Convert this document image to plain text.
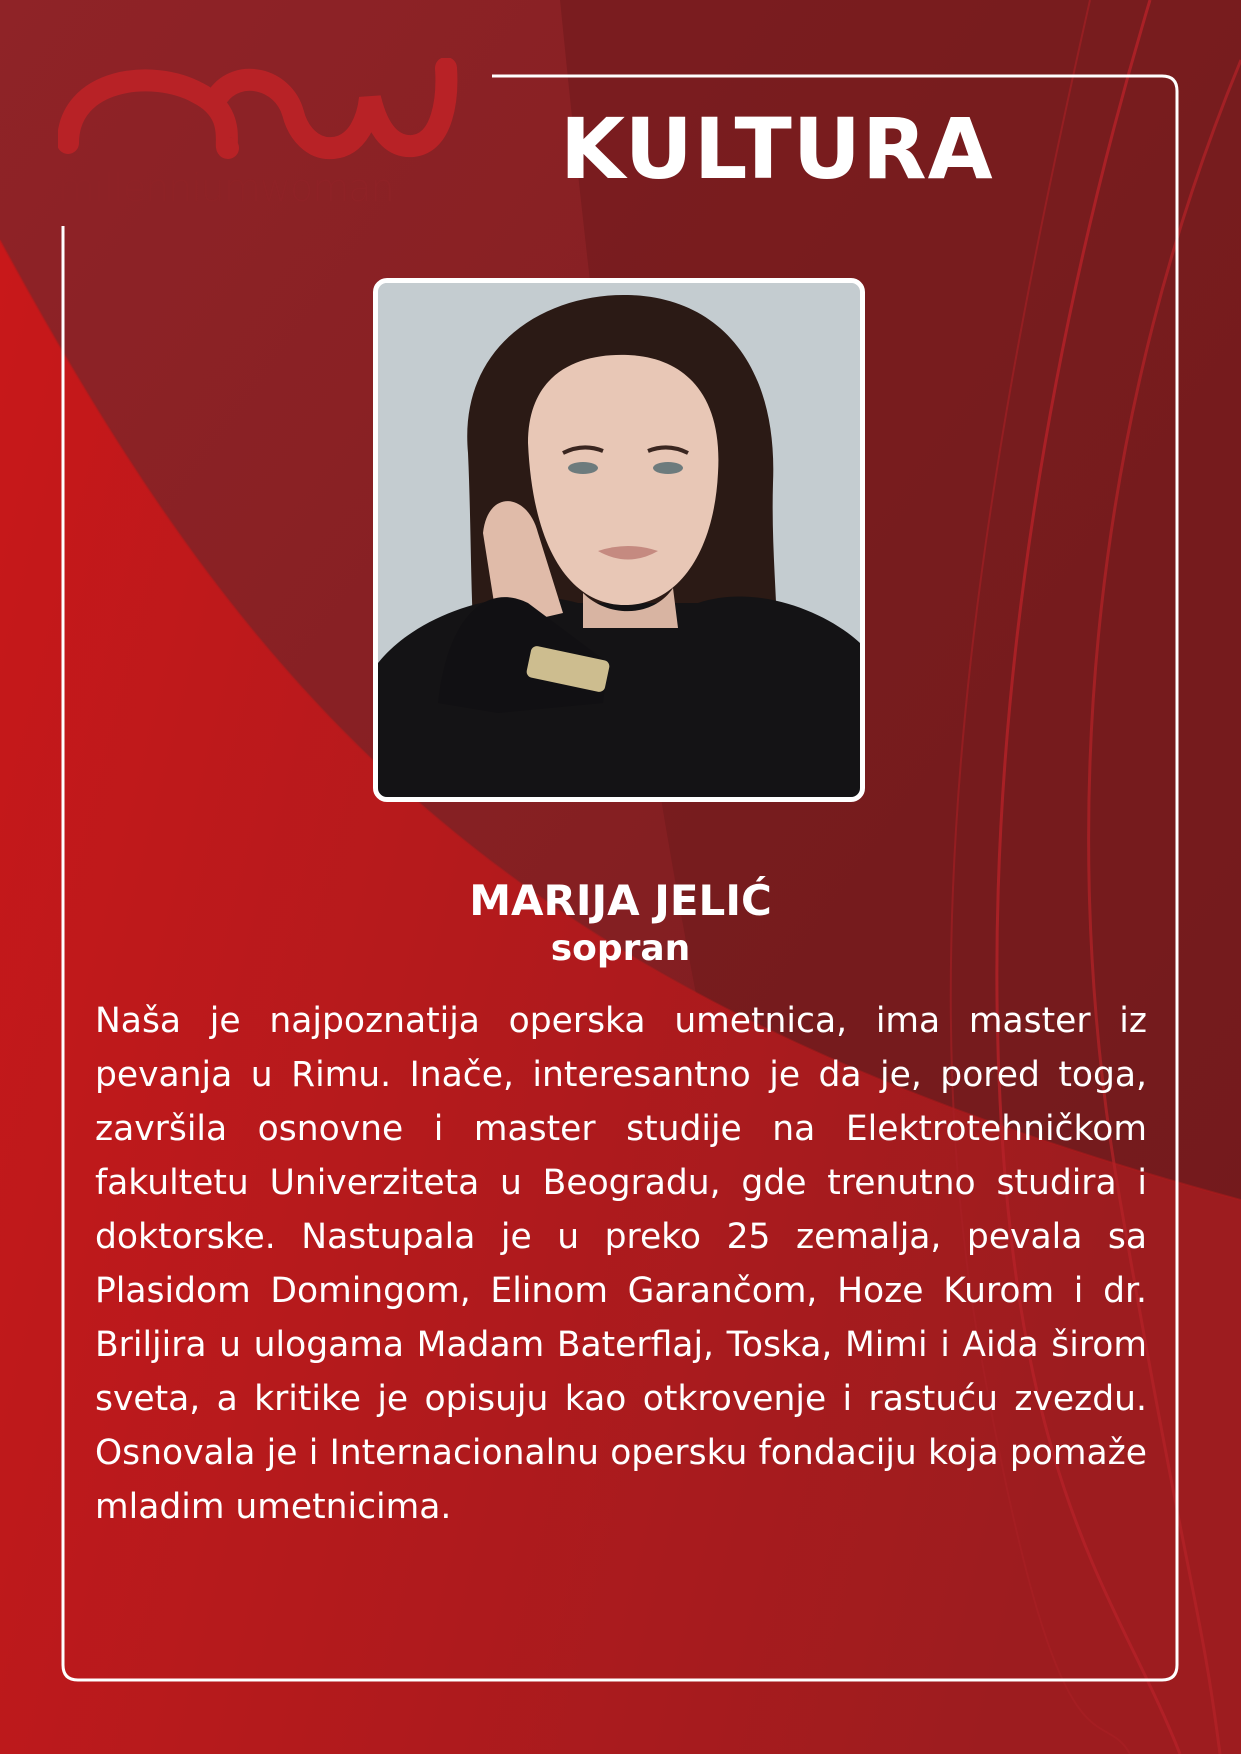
millenniumwoman	KULTURA
MARIJA JELIĆ
sopran

Naša je najpoznatija operska umetnica, ima master iz pevanja u Rimu. Inače, interesantno je da je, pored toga, završila osnovne i master studije na Elektrotehničkom fakultetu Univerziteta u Beogradu, gde trenutno studira i doktorske. Nastupala je u preko 25 zemalja, pevala sa Plasidom Domingom, Elinom Garančom, Hoze Kurom i dr. Briljira u ulogama Madam Baterflaj, Toska, Mimi i Aida širom sveta, a kritike je opisuju kao otkrovenje i rastuću zvezdu. Osnovala je i Internacionalnu opersku fondaciju koja pomaže mladim umetnicima.
